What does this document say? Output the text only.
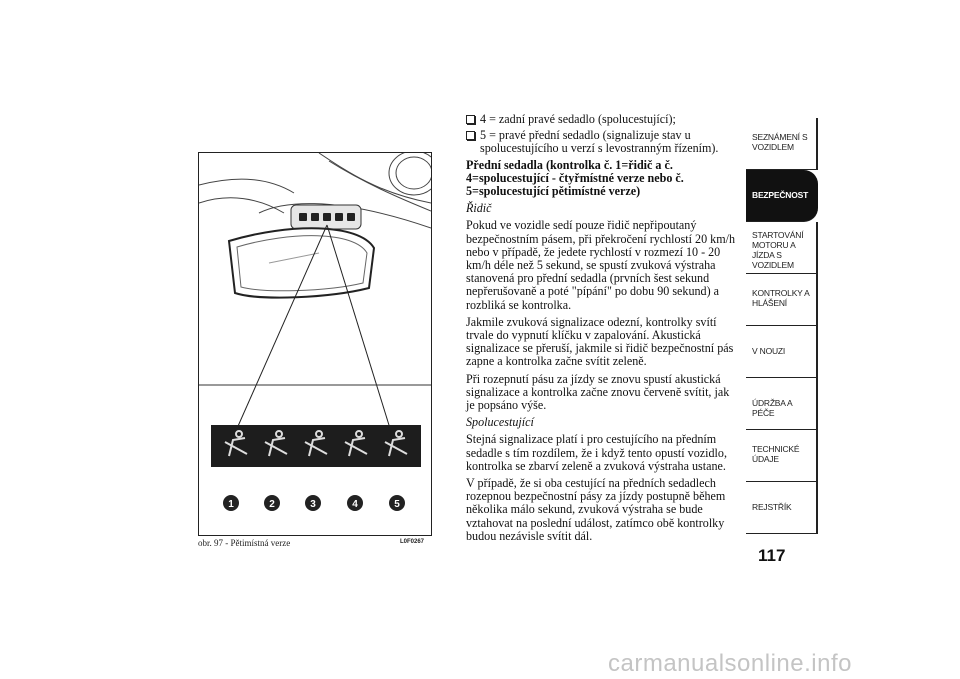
1	2	3	4	5
obr. 97 - Pětimístná verze	L0F0267
4 = zadní pravé sedadlo (spolucestující);
5 = pravé přední sedadlo (signalizuje stav u spolucestujícího u verzí s levostranným řízením).

Přední sedadla (kontrolka č. 1=řidič a č. 4=spolucestující - čtyřmístné verze nebo č. 5=spolucestující pětimístné verze)

Řidič

Pokud ve vozidle sedí pouze řidič nepřipoutaný bezpečnostním pásem, při překročení rychlostí 20 km/h nebo v případě, že jedete rychlostí v rozmezí 10 - 20 km/h déle než 5 sekund, se spustí zvuková výstraha stanovená pro přední sedadla (prvních šest sekund nepřerušovaně a poté "pípání" po dobu 90 sekund) a rozbliká se kontrolka.

Jakmile zvuková signalizace odezní, kontrolky svítí trvale do vypnutí klíčku v zapalování. Akustická signalizace se přeruší, jakmile si řidič bezpečnostní pás zapne a kontrolka začne svítit zeleně.

Při rozepnutí pásu za jízdy se znovu spustí akustická signalizace a kontrolka začne znovu červeně svítit, jak je popsáno výše.

Spolucestující

Stejná signalizace platí i pro cestujícího na předním sedadle s tím rozdílem, že i když tento opustí vozidlo, kontrolka se zbarví zeleně a zvuková výstraha ustane.

V případě, že si oba cestující na předních sedadlech rozepnou bezpečnostní pásy za jízdy postupně během několika málo sekund, zvuková výstraha se bude vztahovat na poslední událost, zatímco obě kontrolky budou nezávisle svítit dál.

SEZNÁMENÍ S VOZIDLEM
BEZPEČNOST
STARTOVÁNÍ MOTORU A JÍZDA S VOZIDLEM
KONTROLKY A HLÁŠENÍ
V NOUZI
ÚDRŽBA A PÉČE
TECHNICKÉ ÚDAJE
REJSTŘÍK
117
carmanualsonline.info
